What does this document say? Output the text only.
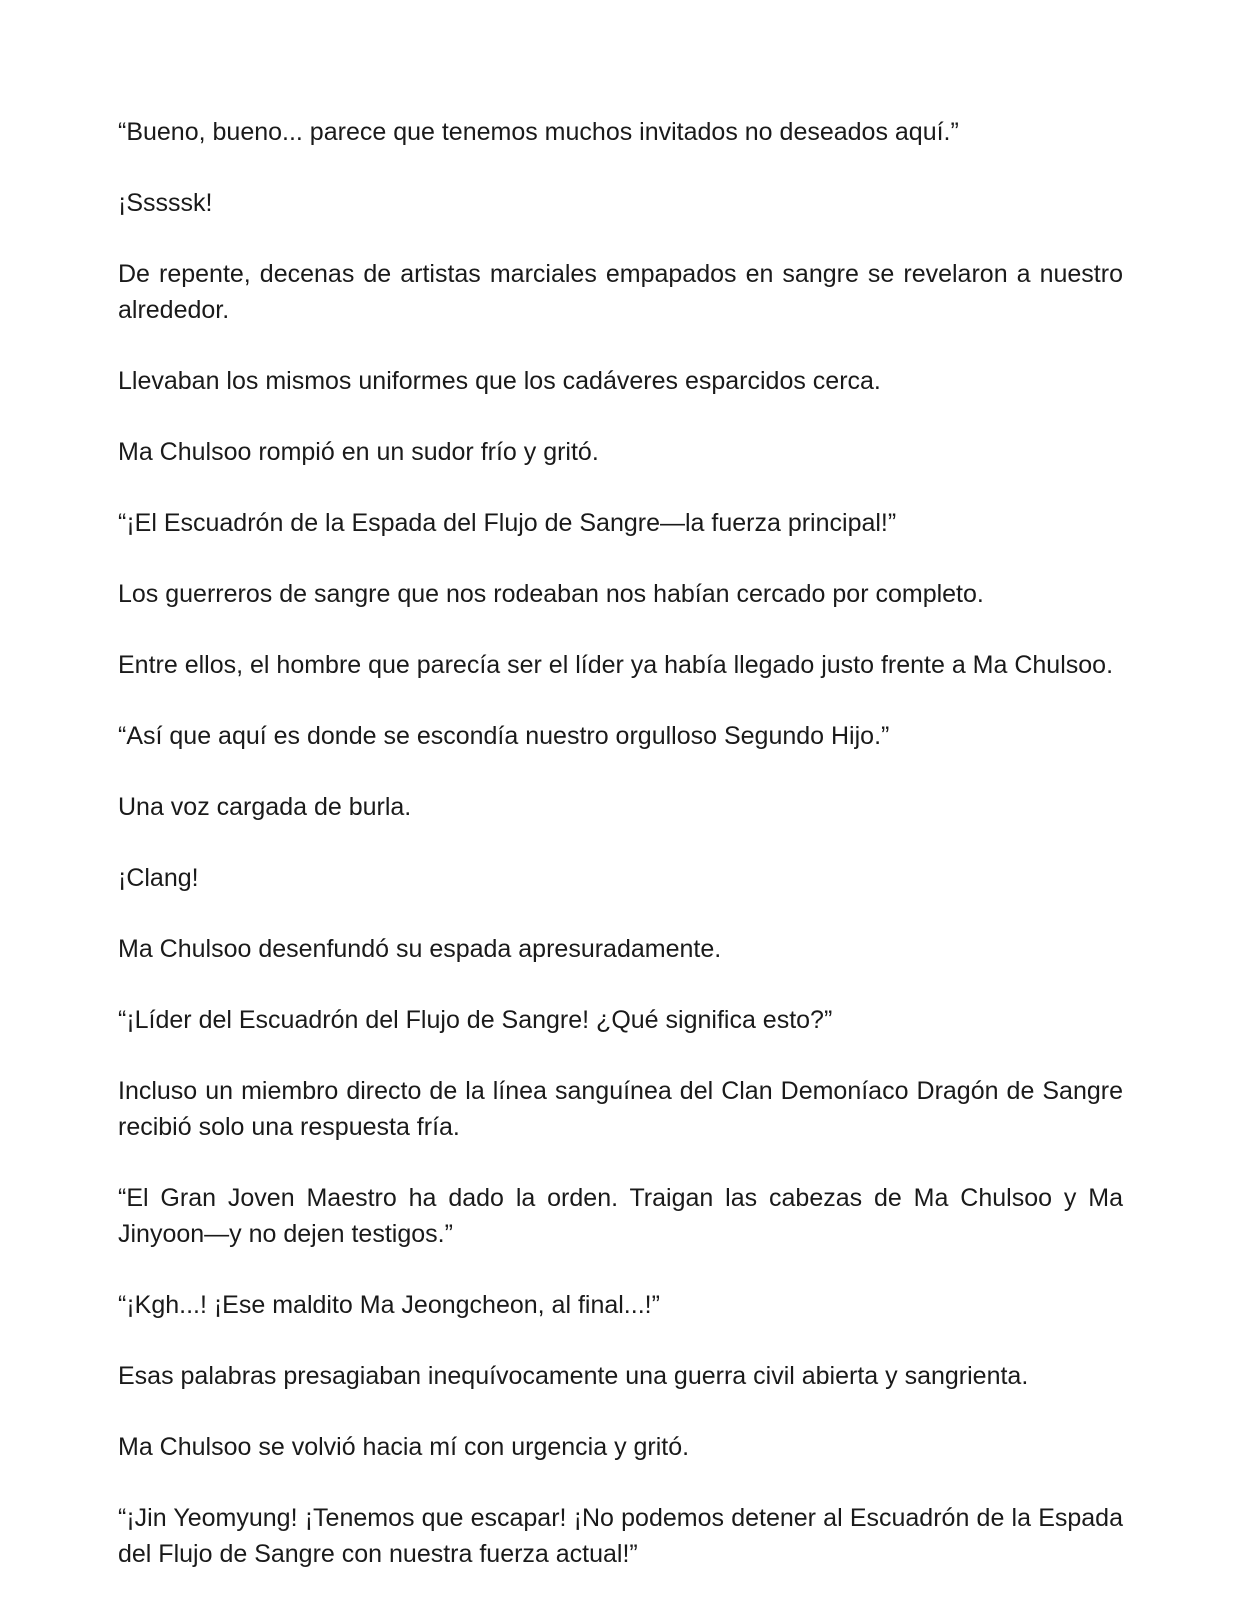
“Bueno, bueno... parece que tenemos muchos invitados no deseados aquí.”

¡Sssssk!

De repente, decenas de artistas marciales empapados en sangre se revelaron a nuestro alrededor.

Llevaban los mismos uniformes que los cadáveres esparcidos cerca.

Ma Chulsoo rompió en un sudor frío y gritó.

“¡El Escuadrón de la Espada del Flujo de Sangre—la fuerza principal!”

Los guerreros de sangre que nos rodeaban nos habían cercado por completo.

Entre ellos, el hombre que parecía ser el líder ya había llegado justo frente a Ma Chulsoo.

“Así que aquí es donde se escondía nuestro orgulloso Segundo Hijo.”

Una voz cargada de burla.

¡Clang!

Ma Chulsoo desenfundó su espada apresuradamente.

“¡Líder del Escuadrón del Flujo de Sangre! ¿Qué significa esto?”

Incluso un miembro directo de la línea sanguínea del Clan Demoníaco Dragón de Sangre recibió solo una respuesta fría.

“El Gran Joven Maestro ha dado la orden. Traigan las cabezas de Ma Chulsoo y Ma Jinyoon—y no dejen testigos.”

“¡Kgh...! ¡Ese maldito Ma Jeongcheon, al final...!”

Esas palabras presagiaban inequívocamente una guerra civil abierta y sangrienta.

Ma Chulsoo se volvió hacia mí con urgencia y gritó.

“¡Jin Yeomyung! ¡Tenemos que escapar! ¡No podemos detener al Escuadrón de la Espada del Flujo de Sangre con nuestra fuerza actual!”
